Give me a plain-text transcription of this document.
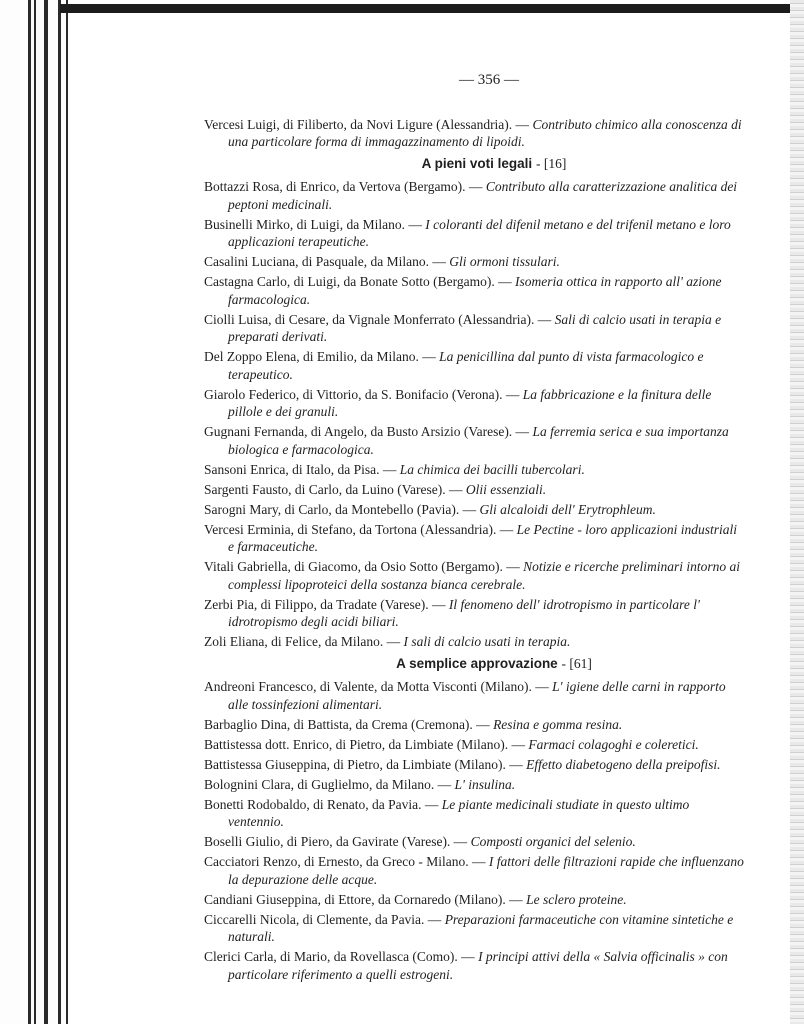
— 356 —
Vercesi Luigi, di Filiberto, da Novi Ligure (Alessandria). — Contributo chimico alla conoscenza di una particolare forma di immagazzinamento di lipoidi.
A pieni voti legali - [16]
Bottazzi Rosa, di Enrico, da Vertova (Bergamo). — Contributo alla caratterizzazione analitica dei peptoni medicinali.
Businelli Mirko, di Luigi, da Milano. — I coloranti del difenil metano e del trifenil metano e loro applicazioni terapeutiche.
Casalini Luciana, di Pasquale, da Milano. — Gli ormoni tissulari.
Castagna Carlo, di Luigi, da Bonate Sotto (Bergamo). — Isomeria ottica in rapporto all' azione farmacologica.
Ciolli Luisa, di Cesare, da Vignale Monferrato (Alessandria). — Sali di calcio usati in terapia e preparati derivati.
Del Zoppo Elena, di Emilio, da Milano. — La penicillina dal punto di vista farmacologico e terapeutico.
Giarolo Federico, di Vittorio, da S. Bonifacio (Verona). — La fabbricazione e la finitura delle pillole e dei granuli.
Gugnani Fernanda, di Angelo, da Busto Arsizio (Varese). — La ferremia serica e sua importanza biologica e farmacologica.
Sansoni Enrica, di Italo, da Pisa. — La chimica dei bacilli tubercolari.
Sargenti Fausto, di Carlo, da Luino (Varese). — Olii essenziali.
Sarogni Mary, di Carlo, da Montebello (Pavia). — Gli alcaloidi dell' Erytrophleum.
Vercesi Erminia, di Stefano, da Tortona (Alessandria). — Le Pectine - loro applicazioni industriali e farmaceutiche.
Vitali Gabriella, di Giacomo, da Osio Sotto (Bergamo). — Notizie e ricerche preliminari intorno ai complessi lipoproteici della sostanza bianca cerebrale.
Zerbi Pia, di Filippo, da Tradate (Varese). — Il fenomeno dell' idrotropismo in particolare l' idrotropismo degli acidi biliari.
Zoli Eliana, di Felice, da Milano. — I sali di calcio usati in terapia.
A semplice approvazione - [61]
Andreoni Francesco, di Valente, da Motta Visconti (Milano). — L' igiene delle carni in rapporto alle tossinfezioni alimentari.
Barbaglio Dina, di Battista, da Crema (Cremona). — Resina e gomma resina.
Battistessa dott. Enrico, di Pietro, da Limbiate (Milano). — Farmaci colagoghi e coleretici.
Battistessa Giuseppina, di Pietro, da Limbiate (Milano). — Effetto diabetogeno della preipofisi.
Bolognini Clara, di Guglielmo, da Milano. — L' insulina.
Bonetti Rodobaldo, di Renato, da Pavia. — Le piante medicinali studiate in questo ultimo ventennio.
Boselli Giulio, di Piero, da Gavirate (Varese). — Composti organici del selenio.
Cacciatori Renzo, di Ernesto, da Greco - Milano. — I fattori delle filtrazioni rapide che influenzano la depurazione delle acque.
Candiani Giuseppina, di Ettore, da Cornaredo (Milano). — Le sclero proteine.
Ciccarelli Nicola, di Clemente, da Pavia. — Preparazioni farmaceutiche con vitamine sintetiche e naturali.
Clerici Carla, di Mario, da Rovellasca (Como). — I principi attivi della « Salvia officinalis » con particolare riferimento a quelli estrogeni.
